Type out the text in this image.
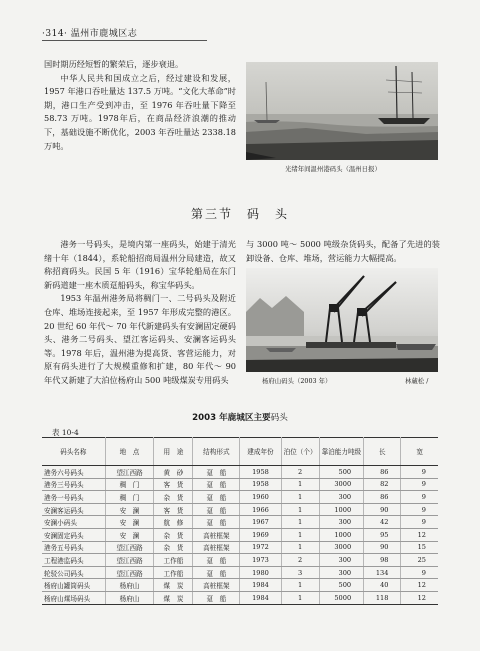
·314· 温州市鹿城区志

国时期历经短暂的繁荣后，逐步衰退。

中华人民共和国成立之后，经过建设和发展，1957 年港口吞吐量达 137.5 万吨。“文化大革命”时期，港口生产受到冲击，至 1976 年吞吐量下降至58.73 万吨。1978年后，在商品经济浪潮的推动下，基础设施不断优化，2003 年吞吐量达 2338.18 万吨。

光绪年间温州港码头（温州日报）
第三节　码　头

港务一号码头，是境内第一座码头，始建于清光绪十年（1844），系轮船招商局温州分局建造，故又称招商码头。民国 5 年（1916）宝华轮船局在东门新码道建一座木质趸船码头，称宝华码头。

1953 年温州港务局将稠门一、二号码头及附近仓库、堆场连接起来，至 1957 年形成完整的港区。20 世纪 60 年代～ 70 年代新建码头有安澜固定硬码头、港务二号码头、望江客运码头、安澜客运码头等。1978 年后，温州港为提高货、客营运能力，对原有码头进行了大规模重修和扩建，80 年代～ 90 年代又新建了大泊位杨府山 500 吨级煤炭专用码头

与 3000 吨～ 5000 吨级杂货码头，配备了先进的装卸设备、仓库、堆场，营运能力大幅提高。

杨府山码头（2003 年）	林蔵松 /
2003 年鹿城区主要码头
表 10-4
码头名称	地　点	用　途	结构形式	建成年份	泊位（个）	靠泊能力吨级	长	宽
港务六号码头	望江西路	黄　砂	趸　船	1958	2	500	86	9
港务三号码头	稠　门	客　货	趸　船	1958	1	3000	82	9
港务一号码头	稠　门	杂　货	趸　船	1960	1	300	86	9
安澜客运码头	安　澜	客　货	趸　船	1966	1	1000	90	9
安澜小码头	安　澜	航　修	趸　船	1967	1	300	42	9
安澜固定码头	安　澜	杂　货	高桩框架	1969	1	1000	95	12
港务五号码头	望江西路	杂　货	高桩框架	1972	1	3000	90	15
工程港监码头	望江西路	工作船	趸　船	1973	2	300	98	25
轮驳公司码头	望江西路	工作船	趸　船	1980	3	300	134	9
杨府山罐筒码头	杨府山	煤　炭	高桩框架	1984	1	500	40	12
杨府山煤场码头	杨府山	煤　炭	趸　船	1984	1	5000	118	12
